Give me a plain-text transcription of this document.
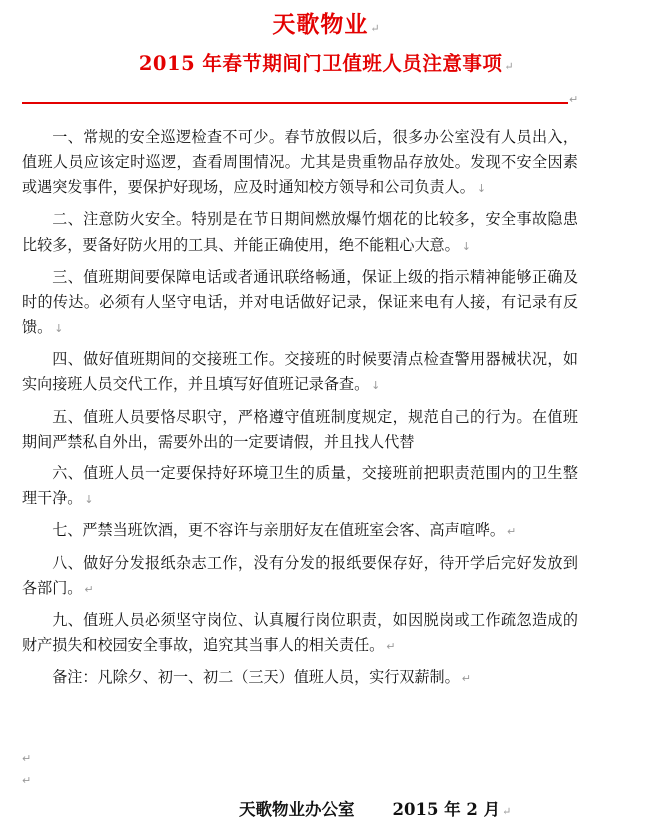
天歌物业 ↵
2015 年春节期间门卫值班人员注意事项 ↵
↵

一、常规的安全巡逻检查不可少。春节放假以后，很多办公室没有人员出入，值班人员应该定时巡逻，查看周围情况。尤其是贵重物品存放处。发现不安全因素或遇突发事件，要保护好现场，应及时通知校方领导和公司负责人。 ↓

二、注意防火安全。特别是在节日期间燃放爆竹烟花的比较多，安全事故隐患比较多，要备好防火用的工具、并能正确使用，绝不能粗心大意。 ↓

三、值班期间要保障电话或者通讯联络畅通，保证上级的指示精神能够正确及时的传达。必须有人坚守电话，并对电话做好记录，保证来电有人接，有记录有反馈。 ↓

四、做好值班期间的交接班工作。交接班的时候要清点检查警用器械状况，如实向接班人员交代工作，并且填写好值班记录备查。 ↓

五、值班人员要恪尽职守，严格遵守值班制度规定，规范自己的行为。在值班期间严禁私自外出，需要外出的一定要请假，并且找人代替

六、值班人员一定要保持好环境卫生的质量，交接班前把职责范围内的卫生整理干净。 ↓

七、严禁当班饮酒，更不容许与亲朋好友在值班室会客、高声喧哗。 ↵

八、做好分发报纸杂志工作，没有分发的报纸要保存好，待开学后完好发放到各部门。 ↵

九、值班人员必须坚守岗位、认真履行岗位职责，如因脱岗或工作疏忽造成的财产损失和校园安全事故，追究其当事人的相关责任。 ↵

备注：凡除夕、初一、初二（三天）值班人员，实行双薪制。 ↵

↵
↵
天歌物业办公室 2015 年 2 月 ↵
